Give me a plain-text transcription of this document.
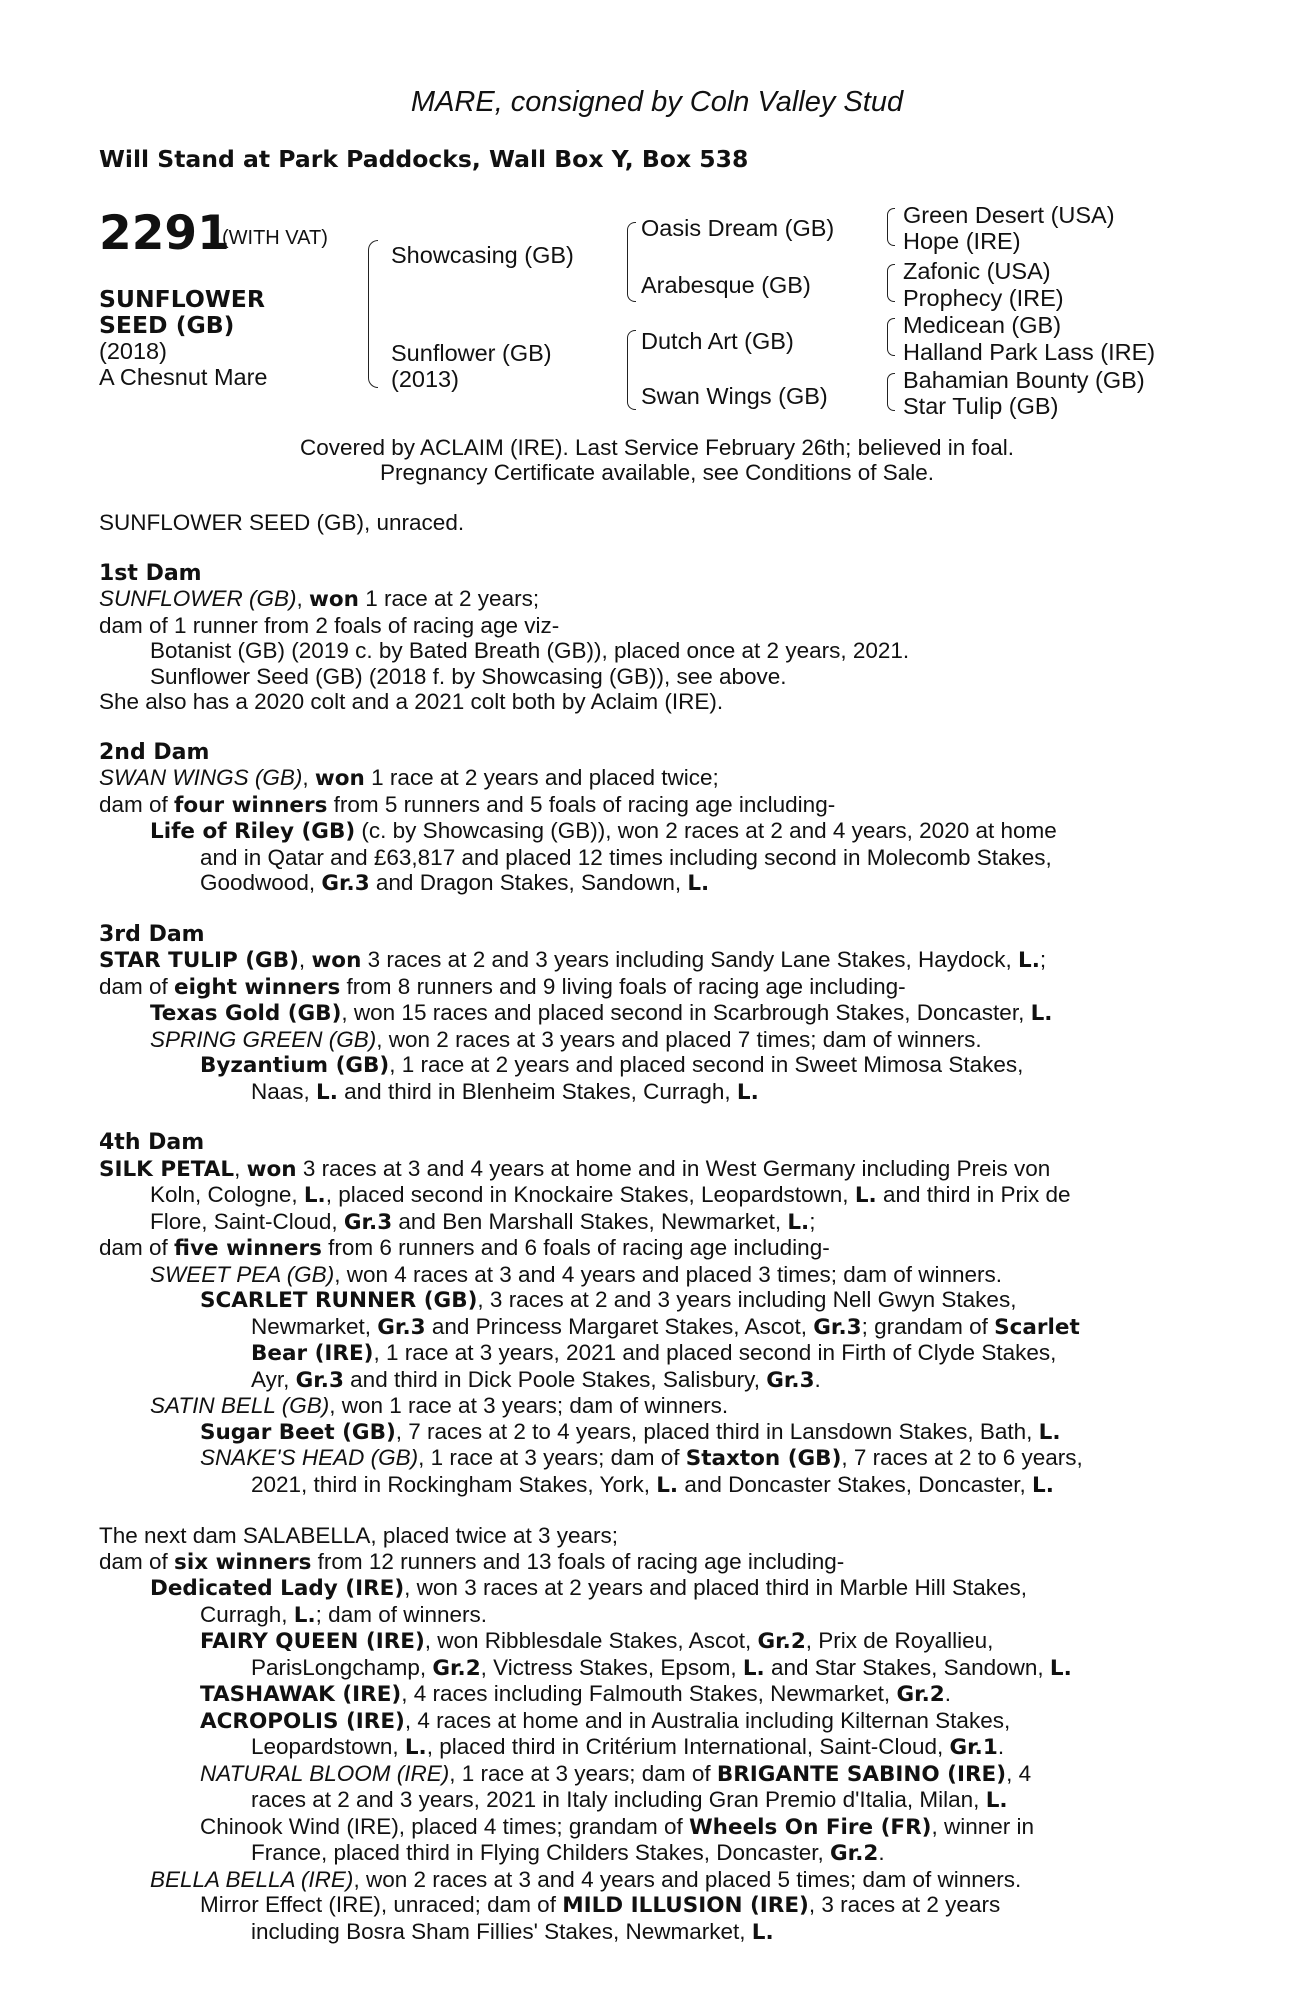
MARE, consigned by Coln Valley Stud
Will Stand at Park Paddocks, Wall Box Y, Box 538
2291
(WITH VAT)
SUNFLOWER
SEED (GB)
(2018)
A Chesnut Mare
Showcasing (GB)
Sunflower (GB)
(2013)
Oasis Dream (GB)
Arabesque (GB)
Dutch Art (GB)
Swan Wings (GB)
Green Desert (USA)
Hope (IRE)
Zafonic (USA)
Prophecy (IRE)
Medicean (GB)
Halland Park Lass (IRE)
Bahamian Bounty (GB)
Star Tulip (GB)
Covered by ACLAIM (IRE). Last Service February 26th; believed in foal.
Pregnancy Certificate available, see Conditions of Sale.
SUNFLOWER SEED (GB), unraced.
1st Dam
SUNFLOWER (GB), won 1 race at 2 years;
dam of 1 runner from 2 foals of racing age viz-
Botanist (GB) (2019 c. by Bated Breath (GB)), placed once at 2 years, 2021.
Sunflower Seed (GB) (2018 f. by Showcasing (GB)), see above.
She also has a 2020 colt and a 2021 colt both by Aclaim (IRE).
2nd Dam
SWAN WINGS (GB), won 1 race at 2 years and placed twice;
dam of four winners from 5 runners and 5 foals of racing age including-
Life of Riley (GB) (c. by Showcasing (GB)), won 2 races at 2 and 4 years, 2020 at home
and in Qatar and £63,817 and placed 12 times including second in Molecomb Stakes,
Goodwood, Gr.3 and Dragon Stakes, Sandown, L.
3rd Dam
STAR TULIP (GB), won 3 races at 2 and 3 years including Sandy Lane Stakes, Haydock, L.;
dam of eight winners from 8 runners and 9 living foals of racing age including-
Texas Gold (GB), won 15 races and placed second in Scarbrough Stakes, Doncaster, L.
SPRING GREEN (GB), won 2 races at 3 years and placed 7 times; dam of winners.
Byzantium (GB), 1 race at 2 years and placed second in Sweet Mimosa Stakes,
Naas, L. and third in Blenheim Stakes, Curragh, L.
4th Dam
SILK PETAL, won 3 races at 3 and 4 years at home and in West Germany including Preis von
Koln, Cologne, L., placed second in Knockaire Stakes, Leopardstown, L. and third in Prix de
Flore, Saint-Cloud, Gr.3 and Ben Marshall Stakes, Newmarket, L.;
dam of five winners from 6 runners and 6 foals of racing age including-
SWEET PEA (GB), won 4 races at 3 and 4 years and placed 3 times; dam of winners.
SCARLET RUNNER (GB), 3 races at 2 and 3 years including Nell Gwyn Stakes,
Newmarket, Gr.3 and Princess Margaret Stakes, Ascot, Gr.3; grandam of Scarlet
Bear (IRE), 1 race at 3 years, 2021 and placed second in Firth of Clyde Stakes,
Ayr, Gr.3 and third in Dick Poole Stakes, Salisbury, Gr.3.
SATIN BELL (GB), won 1 race at 3 years; dam of winners.
Sugar Beet (GB), 7 races at 2 to 4 years, placed third in Lansdown Stakes, Bath, L.
SNAKE'S HEAD (GB), 1 race at 3 years; dam of Staxton (GB), 7 races at 2 to 6 years,
2021, third in Rockingham Stakes, York, L. and Doncaster Stakes, Doncaster, L.
The next dam SALABELLA, placed twice at 3 years;
dam of six winners from 12 runners and 13 foals of racing age including-
Dedicated Lady (IRE), won 3 races at 2 years and placed third in Marble Hill Stakes,
Curragh, L.; dam of winners.
FAIRY QUEEN (IRE), won Ribblesdale Stakes, Ascot, Gr.2, Prix de Royallieu,
ParisLongchamp, Gr.2, Victress Stakes, Epsom, L. and Star Stakes, Sandown, L.
TASHAWAK (IRE), 4 races including Falmouth Stakes, Newmarket, Gr.2.
ACROPOLIS (IRE), 4 races at home and in Australia including Kilternan Stakes,
Leopardstown, L., placed third in Critérium International, Saint-Cloud, Gr.1.
NATURAL BLOOM (IRE), 1 race at 3 years; dam of BRIGANTE SABINO (IRE), 4
races at 2 and 3 years, 2021 in Italy including Gran Premio d'Italia, Milan, L.
Chinook Wind (IRE), placed 4 times; grandam of Wheels On Fire (FR), winner in
France, placed third in Flying Childers Stakes, Doncaster, Gr.2.
BELLA BELLA (IRE), won 2 races at 3 and 4 years and placed 5 times; dam of winners.
Mirror Effect (IRE), unraced; dam of MILD ILLUSION (IRE), 3 races at 2 years
including Bosra Sham Fillies' Stakes, Newmarket, L.
